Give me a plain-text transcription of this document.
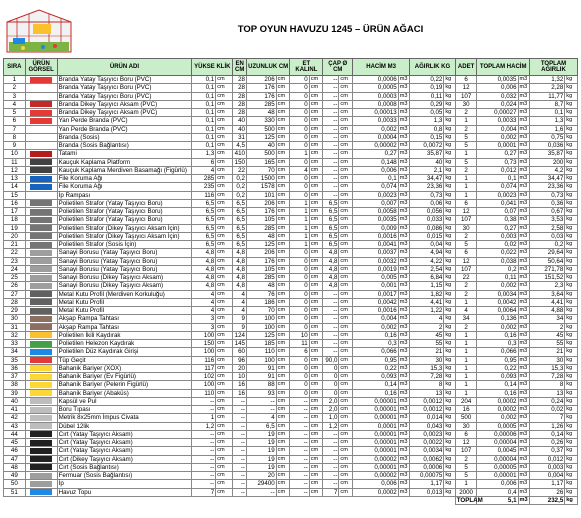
TOP OYUN HAVUZU 1245 – ÜRÜN AĞACI
SIRA	ÜRÜN GÖRSEL	ÜRÜN ADI	YÜKSE KLİK		EN CM	UZUNLUK CM		ET KALINL		ÇAP Ø CM		HACİM M3		AĞIRLIK KG		ADET	TOPLAM HACİM		TOPLAM AĞIRLIK	
1		Branda Yatay Taşıyıcı Boru (PVC)	0,1	cm	28	206	cm	0	cm	--	cm	0,0006	m3	0,22	kg	6	0,0035	m3	1,32	kg
2		Branda Yatay Taşıyıcı Boru (PVC)	0,1	cm	28	176	cm	0	cm	--	cm	0,0005	m3	0,19	kg	12	0,006	m3	2,28	kg
3		Branda Yatay Taşıyıcı Boru (PVC)	0,1	cm	28	176	cm	0	cm	--	cm	0,0003	m3	0,11	kg	107	0,032	m3	11,77	kg
4		Branda Dikey Taşıyıcı Aksam (PVC)	0,1	cm	28	285	cm	0	cm	--	cm	0,0008	m3	0,29	kg	30	0,024	m3	8,7	kg
5		Branda Dikey Taşıyıcı Aksam (PVC)	0,1	cm	28	48	cm	0	cm	--	cm	0,00013	m3	0,05	kg	2	0,00027	m3	0,1	kg
6		Yan Perde Branda (PVC)	0,1	cm	40	330	cm	0	cm	--	cm	0,0033	m3	1,3	kg	1	0,0033	m3	1,3	kg
7		Yan Perde Branda (PVC)	0,1	cm	40	500	cm	0	cm	--	cm	0,002	m3	0,8	kg	2	0,004	m3	1,6	kg
8		Branda (Sosis)	0,1	cm	31	125	cm	0	cm	--	cm	0,0004	m3	0,15	kg	5	0,002	m3	0,75	kg
9		Branda (Sosis Bağlantısı)	0,1	cm	4,5	40	cm	0	cm	--	cm	0,00002	m3	0,0072	kg	5	0,0001	m3	0,036	kg
10		Tatami	1,3	cm	410	500	cm	1	cm	--	cm	0,27	m3	35,87	kg	1	0,27	m3	35,87	kg
11		Kauçuk Kaplama Platform	6	cm	150	165	cm	0	cm	--	cm	0,148	m3	40	kg	5	0,73	m3	200	kg
12		Kauçuk Kaplama Merdiven Basamağı (Figürlü)	4	cm	22	70	cm	4	cm	--	cm	0,006	m3	2,1	kg	2	0,012	m3	4,2	kg
13		File Koruma Ağı	285	cm	0,2	1500	cm	0	cm	--	cm	0,1	m3	34,47	kg	1	0,1	m3	34,47	kg
14		File Koruma Ağı	235	cm	0,2	1578	cm	0	cm	--	cm	0,074	m3	23,36	kg	1	0,074	m3	23,36	kg
15		İp Rampası	116	cm	0,2	101	cm	0	cm	--	cm	0,0023	m3	0,73	kg	1	0,0023	m3	0,73	kg
16		Polietilen Strafor (Yatay Taşıyıcı Boru)	6,5	cm	6,5	206	cm	1	cm	6,5	cm	0,007	m3	0,06	kg	6	0,041	m3	0,36	kg
17		Polietilen Strafor (Yatay Taşıyıcı Boru)	6,5	cm	6,5	176	cm	1	cm	6,5	cm	0,0058	m3	0,056	kg	12	0,07	m3	0,67	kg
18		Polietilen Strafor (Yatay Taşıyıcı Boru)	6,5	cm	6,5	105	cm	1	cm	6,5	cm	0,0035	m3	0,033	kg	107	0,38	m3	3,53	kg
19		Polietilen Strafor (Dikey Taşıyıcı Aksam İçin)	6,5	cm	6,5	285	cm	1	cm	6,5	cm	0,009	m3	0,086	kg	30	0,27	m3	2,58	kg
20		Polietilen Strafor (Dikey Taşıyıcı Aksam İçin)	6,5	cm	6,5	48	cm	1	cm	6,5	cm	0,0016	m3	0,015	kg	2	0,003	m3	0,03	kg
21		Polietilen Strafor (Sosis İçin)	6,5	cm	6,5	125	cm	1	cm	6,5	cm	0,0041	m3	0,04	kg	5	0,02	m3	0,2	kg
22		Sanayi Borusu (Yatay Taşıyıcı Boru)	4,8	cm	4,8	206	cm	0	cm	4,8	cm	0,0037	m3	4,94	kg	6	0,022	m3	29,64	kg
23		Sanayi Borusu (Yatay Taşıyıcı Boru)	4,8	cm	4,8	176	cm	0	cm	4,8	cm	0,0032	m3	4,22	kg	12	0,038	m3	50,64	kg
24		Sanayi Borusu (Yatay Taşıyıcı Boru)	4,8	cm	4,8	105	cm	0	cm	4,8	cm	0,0019	m3	2,54	kg	107	0,2	m3	271,78	kg
25		Sanayi Borusu (Dikey Taşıyıcı Aksam)	4,8	cm	4,8	285	cm	0	cm	4,8	cm	0,005	m3	6,84	kg	22	0,11	m3	151,52	kg
26		Sanayi Borusu (Dikey Taşıyıcı Aksam)	4,8	cm	4,8	48	cm	0	cm	4,8	cm	0,001	m3	1,15	kg	2	0,002	m3	2,3	kg
27		Metal Kutu Profil (Merdiven Korkuluğu)	4	cm	4	76	cm	0	cm	--	cm	0,0017	m3	1,82	kg	2	0,0034	m3	3,64	kg
28		Metal Kutu Profil	4	cm	4	186	cm	0	cm	--	cm	0,0042	m3	4,41	kg	1	0,0042	m3	4,41	kg
29		Metal Kutu Profil	4	cm	4	70	cm	0	cm	--	cm	0,0016	m3	1,22	kg	4	0,0064	m3	4,88	kg
30		Akşap Rampa Tahtası	3	cm	9	100	cm	0	cm	--	cm	0,004	m3	4	kg	34	0,136	m3	34	kg
31		Akşap Rampa Tahtası	3	cm	9	100	cm	0	cm	--	cm	0,002	m3	2	kg	2	0,002	m3	2	kg
32		Polietilen İkili Kaydırak	100	cm	124	125	cm	10	cm	--	cm	0,16	m3	45	kg	1	0,16	m3	45	kg
33		Polietilen Helezon Kaydırak	150	cm	145	185	cm	11	cm	--	cm	0,3	m3	55	kg	1	0,3	m3	55	kg
34		Polietilen Düz Kaydırak Girişi	100	cm	60	110	cm	6	cm	--	cm	0,066	m3	21	kg	1	0,066	m3	21	kg
35		Tüp Geçit	116	cm	96	100	cm	0	cm	90,0	cm	0,95	m3	30	kg	1	0,95	m3	30	kg
36		Bahanik Bariyer (XOX)	117	cm	20	91	cm	0	cm	0	cm	0,22	m3	15,3	kg	1	0,22	m3	15,3	kg
37		Bahanik Bariyer (Ev Figürlü)	102	cm	10	91	cm	0	cm	0	cm	0,093	m3	7,28	kg	1	0,093	m3	7,28	kg
38		Bahanik Bariyer (Pelerin Figürlü)	100	cm	16	88	cm	0	cm	0	cm	0,14	m3	8	kg	1	0,14	m3	8	kg
39		Bahanik Bariyer (Abaküs)	110	cm	16	93	cm	0	cm	0	cm	0,16	m3	13	kg	1	0,16	m3	13	kg
40		Kapsül ve Pul	--	cm	--	--	cm	--	cm	2,0	cm	0,00001	m3	0,0012	kg	204	0,0002	m3	0,24	kg
41		Boru Tıpası	--	cm	--	--	cm	--	cm	2,0	cm	0,00001	m3	0,0012	kg	16	0,0002	m3	0,02	kg
42		Metrik 8x25mm İmpus Civata	1	cm	--	4	cm	--	cm	1,0	cm	0,00001	m3	0,014	kg	500	0,002	m3	7	kg
43		Dübel 12lik	1,2	cm	--	6,5	cm	--	cm	1,2	cm	0,0001	m3	0,043	kg	30	0,0005	m3	1,26	kg
44		Cırt (Yatay Taşıyıcı Aksam)	--	cm	--	19	cm	--	cm	--	cm	0,00001	m3	0,0023	kg	6	0,00006	m3	0,14	kg
45		Cırt (Yatay Taşıyıcı Aksam)	--	cm	--	19	cm	--	cm	--	cm	0,00001	m3	0,0022	kg	12	0,00004	m3	0,26	kg
46		Cırt (Yatay Taşıyıcı Aksam)	--	cm	--	19	cm	--	cm	--	cm	0,00001	m3	0,0034	kg	107	0,0045	m3	0,37	kg
47		Cırt (Dikey Taşıyıcı Aksam)	--	cm	--	19	cm	--	cm	--	cm	0,00002	m3	0,0062	kg	2	0,00004	m3	0,012	kg
48		Cırt (Sosis Bağlantısı)	--	cm	--	19	cm	--	cm	--	cm	0,00001	m3	0,0006	kg	5	0,00005	m3	0,003	kg
49		Fermuar (Sosis Bağlantısı)	--	cm	--	20	cm	--	cm	--	cm	0,00002	m3	0,00075	kg	5	0,00001	m3	0,004	kg
50		İp	--	cm	--	29400	cm	--	cm	--	cm	0,006	m3	1,17	kg	1	0,006	m3	1,17	kg
51		Havuz Topu	7	cm	--	--	cm	--	cm	7	cm	0,0002	m3	0,013	kg	2000	0,4	m3	26	kg
																TOPLAM	5,1	m3	232,5	kg
